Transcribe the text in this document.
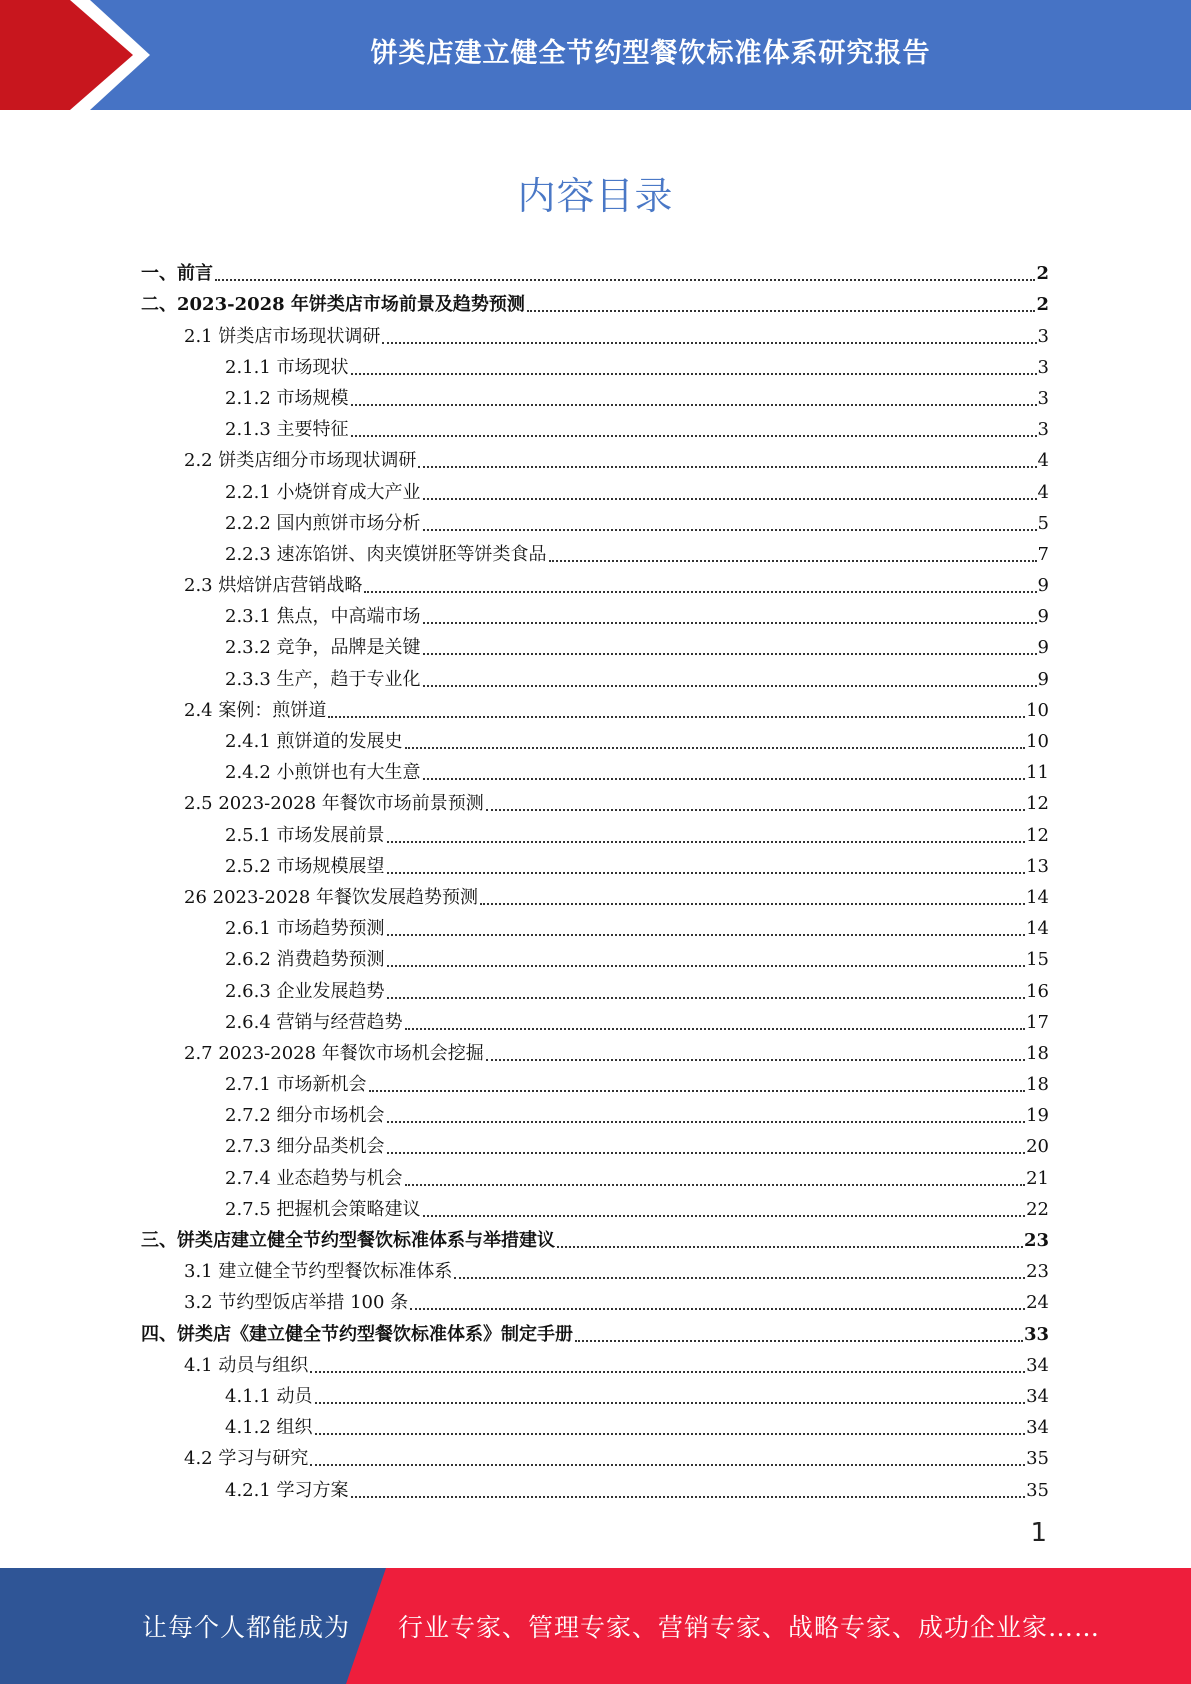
饼类店建立健全节约型餐饮标准体系研究报告
内容目录
一、前言	2
二、2023-2028 年饼类店市场前景及趋势预测	2
2.1 饼类店市场现状调研	3
2.1.1 市场现状	3
2.1.2 市场规模	3
2.1.3 主要特征	3
2.2 饼类店细分市场现状调研	4
2.2.1 小烧饼育成大产业	4
2.2.2 国内煎饼市场分析	5
2.2.3 速冻馅饼、肉夹馍饼胚等饼类食品	7
2.3 烘焙饼店营销战略	9
2.3.1 焦点，中高端市场	9
2.3.2 竞争，品牌是关键	9
2.3.3 生产，趋于专业化	9
2.4 案例：煎饼道	10
2.4.1 煎饼道的发展史	10
2.4.2 小煎饼也有大生意	11
2.5 2023-2028 年餐饮市场前景预测	12
2.5.1 市场发展前景	12
2.5.2 市场规模展望	13
26 2023-2028 年餐饮发展趋势预测	14
2.6.1 市场趋势预测	14
2.6.2 消费趋势预测	15
2.6.3 企业发展趋势	16
2.6.4 营销与经营趋势	17
2.7 2023-2028 年餐饮市场机会挖掘	18
2.7.1 市场新机会	18
2.7.2 细分市场机会	19
2.7.3 细分品类机会	20
2.7.4 业态趋势与机会	21
2.7.5 把握机会策略建议	22
三、饼类店建立健全节约型餐饮标准体系与举措建议	23
3.1 建立健全节约型餐饮标准体系	23
3.2 节约型饭店举措 100 条	24
四、饼类店《建立健全节约型餐饮标准体系》制定手册	33
4.1 动员与组织	34
4.1.1 动员	34
4.1.2 组织	34
4.2 学习与研究	35
4.2.1 学习方案	35
1
让每个人都能成为 行业专家、管理专家、营销专家、战略专家、成功企业家……
